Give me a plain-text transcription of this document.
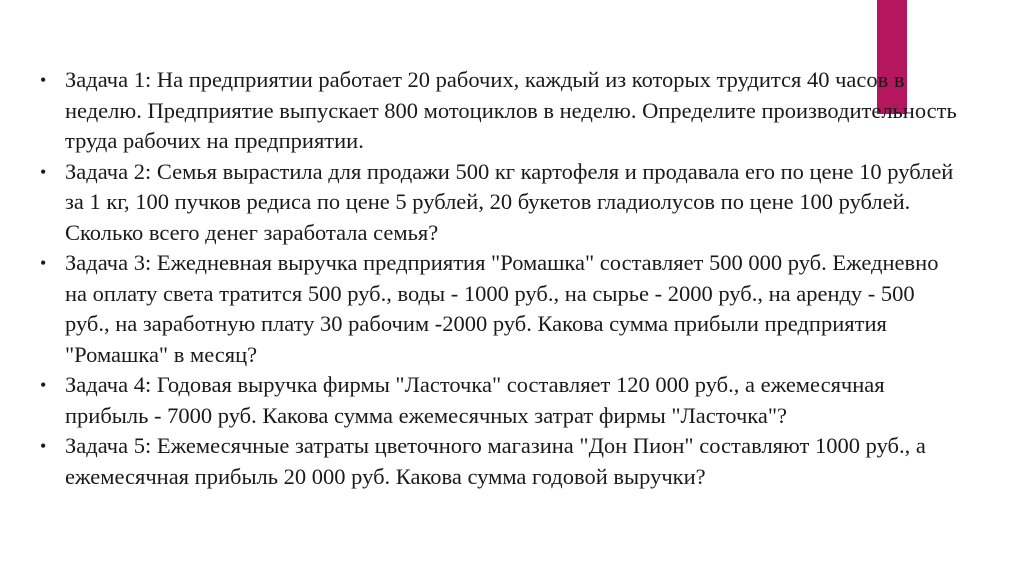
• Задача 1: На предприятии работает 20 рабочих, каждый из которых трудится 40 часов в неделю. Предприятие выпускает 800 мотоциклов в неделю. Определите производительность труда рабочих на предприятии.
• Задача 2: Семья вырастила для продажи 500 кг картофеля и продавала его по цене 10 рублей за 1 кг, 100 пучков редиса по цене 5 рублей, 20 букетов гладиолусов по цене 100 рублей. Сколько всего денег заработала семья?
• Задача 3: Ежедневная выручка предприятия "Ромашка" составляет 500 000 руб. Ежедневно на оплату света тратится 500 руб., воды - 1000 руб., на сырье - 2000 руб., на аренду - 500 руб., на заработную плату 30 рабочим -2000 руб. Какова сумма прибыли предприятия "Ромашка" в месяц?
• Задача 4: Годовая выручка фирмы "Ласточка" составляет 120 000 руб., а ежемесячная прибыль - 7000 руб. Какова сумма ежемесячных затрат фирмы "Ласточка"?
• Задача 5: Ежемесячные затраты цветочного магазина "Дон Пион" составляют 1000 руб., а ежемесячная прибыль 20 000 руб. Какова сумма годовой выручки?
